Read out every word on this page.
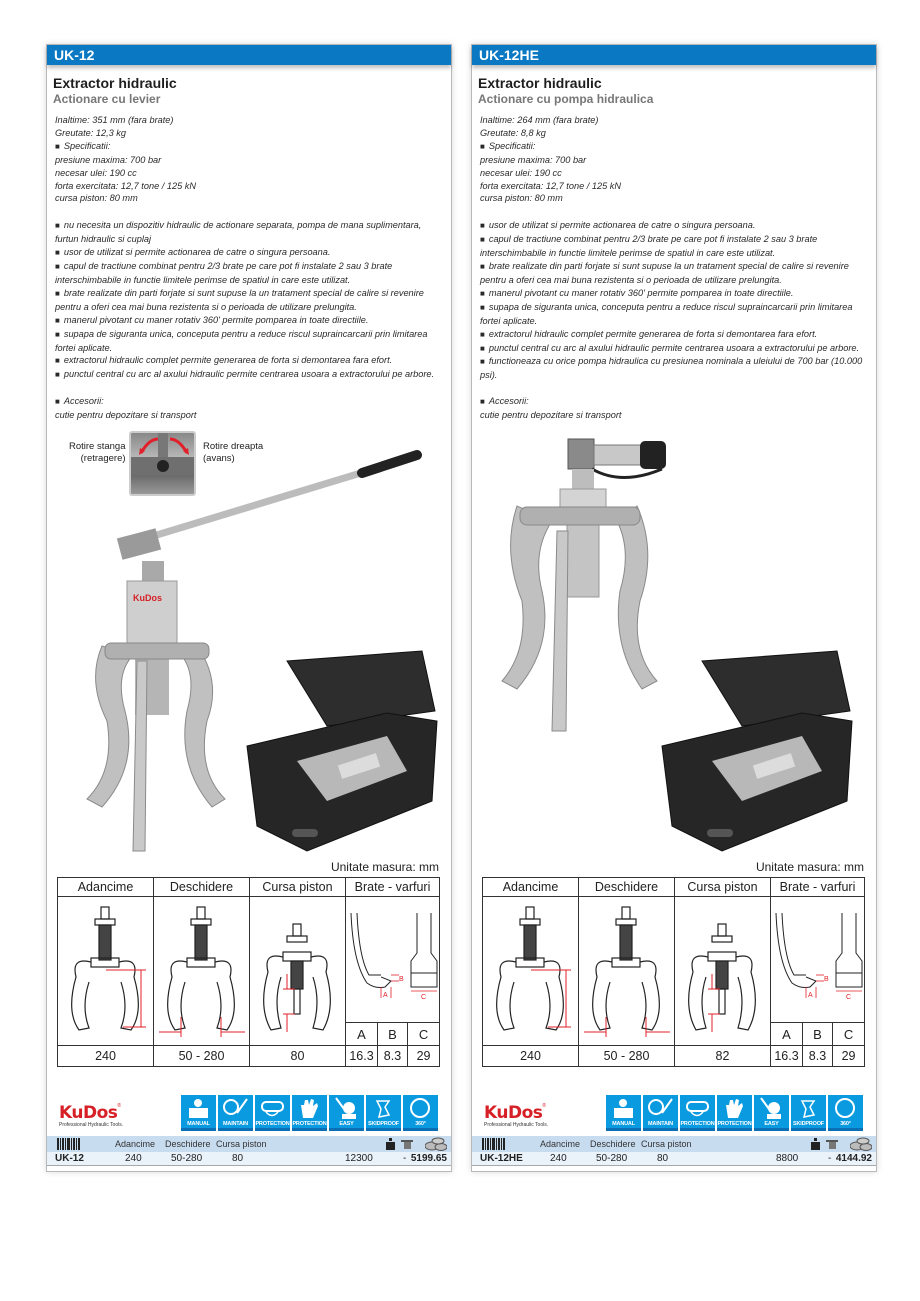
UK-12
Extractor hidraulic
Actionare cu levier
Inaltime: 351 mm (fara brate)
Greutate: 12,3 kg
■ Specificatii:
presiune maxima: 700 bar
necesar ulei: 190 cc
forta exercitata: 12,7 tone / 125 kN
cursa piston: 80 mm
■ nu necesita un dispozitiv hidraulic de actionare separata, pompa de mana suplimentara, furtun hidraulic si cuplaj
■ usor de utilizat si permite actionarea de catre o singura persoana.
■ capul de tractiune combinat pentru 2/3 brate pe care pot fi instalate 2 sau 3 brate interschimbabile in functie limitele perimse de spatiul in care este utilizat.
■ brate realizate din parti forjate si sunt supuse la un tratament special de calire si revenire pentru a oferi cea mai buna rezistenta si o perioada de utilizare prelungita.
■ manerul pivotant cu maner rotativ 360' permite pomparea in toate directiile.
■ supapa de siguranta unica, conceputa pentru a reduce riscul supraincarcarii prin limitarea fortei aplicate.
■ extractorul hidraulic complet permite generarea de forta si demontarea fara efort.
■ punctul central cu arc al axului hidraulic permite centrarea usoara a extractorului pe arbore.
■ Accesorii:
cutie pentru depozitare si transport
Rotire stanga
(retragere)
Rotire dreapta
(avans)
KuDos
Unitate masura: mm
Adancime	Deschidere	Cursa piston	Brate - varfuri		

A
B
C		

			A	B	C
240	50 - 280	80	16.3	8.3	29
KuDos®
Professional Hydraulic Tools.	MANUAL	MAINTAIN	PROTECTION PROTECTION	EASY	SKIDPROOF	360°
Adancime Deschidere Cursa piston
UK-12	240	50-280	80	12300	- 5199.65
UK-12HE
Extractor hidraulic
Actionare cu pompa hidraulica
Inaltime: 264 mm (fara brate)
Greutate: 8,8 kg
■ Specificatii:
presiune maxima: 700 bar
necesar ulei: 190 cc
forta exercitata: 12,7 tone / 125 kN
cursa piston: 80 mm
■ usor de utilizat si permite actionarea de catre o singura persoana.
■ capul de tractiune combinat pentru 2/3 brate pe care pot fi instalate 2 sau 3 brate interschimbabile in functie limitele perimse de spatiul in care este utilizat.
■ brate realizate din parti forjate si sunt supuse la un tratament special de calire si revenire pentru a oferi cea mai buna rezistenta si o perioada de utilizare prelungita.
■ manerul pivotant cu maner rotativ 360' permite pomparea in toate directiile.
■ supapa de siguranta unica, conceputa pentru a reduce riscul supraincarcarii prin limitarea fortei aplicate.
■ extractorul hidraulic complet permite generarea de forta si demontarea fara efort.
■ punctul central cu arc al axului hidraulic permite centrarea usoara a extractorului pe arbore.
■ functioneaza cu orice pompa hidraulica cu presiunea nominala a uleiului de 700 bar (10.000 psi).
■ Accesorii:
cutie pentru depozitare si transport
Unitate masura: mm
Adancime	Deschidere	Cursa piston	Brate - varfuri		

A
B
C		

			A	B	C
240	50 - 280	82	16.3	8.3	29
KuDos®
Professional Hydraulic Tools.	MANUAL	MAINTAIN	PROTECTION PROTECTION	EASY	SKIDPROOF	360°
Adancime Deschidere Cursa piston
UK-12HE	240	50-280	80	8800	- 4144.92
